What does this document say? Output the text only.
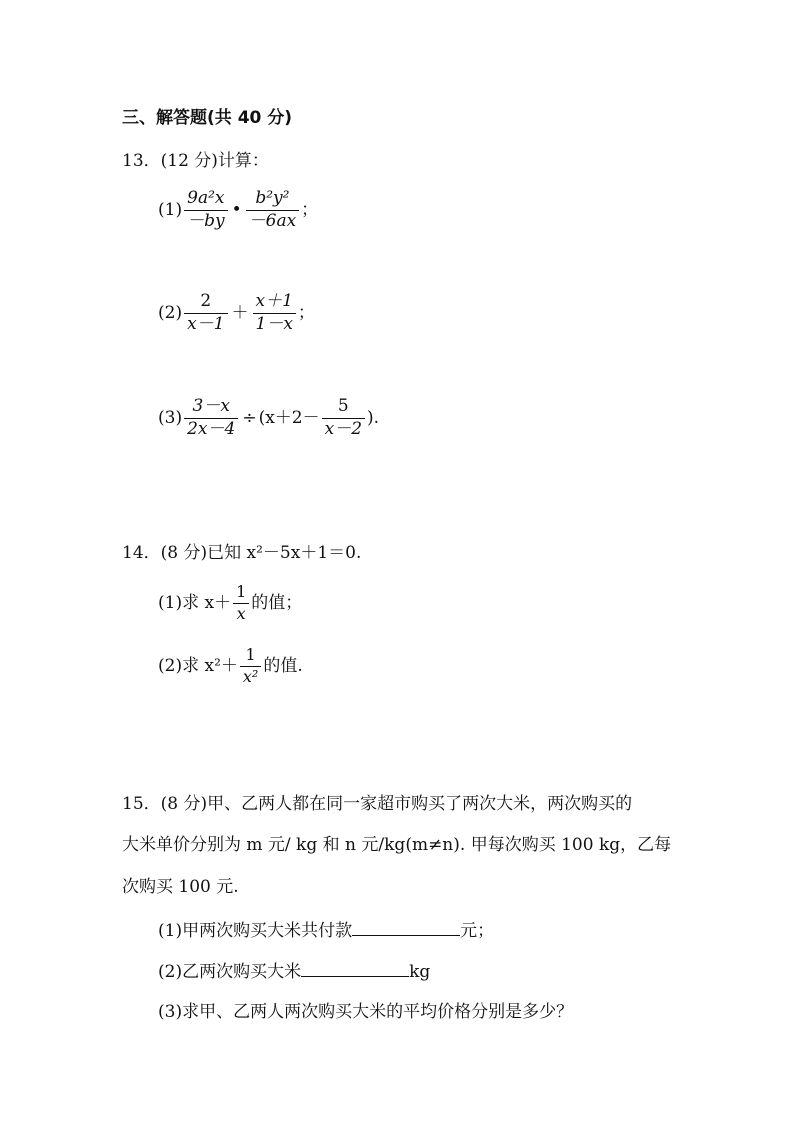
三、解答题(共 40 分)
13．(12 分)计算：
$(1) \frac{\text{9a²x}}{-by}$ • $\frac{\text{b²y²}}{-6ax}$ ；
$(2) \frac{2}{x-1} + \frac{x+1}{1-x}$ ；
$(3) \frac{3-x}{2x-4} \div (x+2- \frac{5}{x-2}$ ).
14．(8 分)已知 x²－5x＋1＝0.
(1)求 $x+ \frac{1}{x}$ 的值；
(2)求 $x^2+ \frac{1}{\text{x²}}$ 的值.
15．(8 分)甲、乙两人都在同一家超市购买了两次大米，两次购买的
大米单价分别为 m 元/ kg 和 n 元/kg(m≠n). 甲每次购买 100 kg，乙每
次购买 100 元.
(1)甲两次购买大米共付款	元；
(2)乙两次购买大米	kg
(3)求甲、乙两人两次购买大米的平均价格分别是多少？
